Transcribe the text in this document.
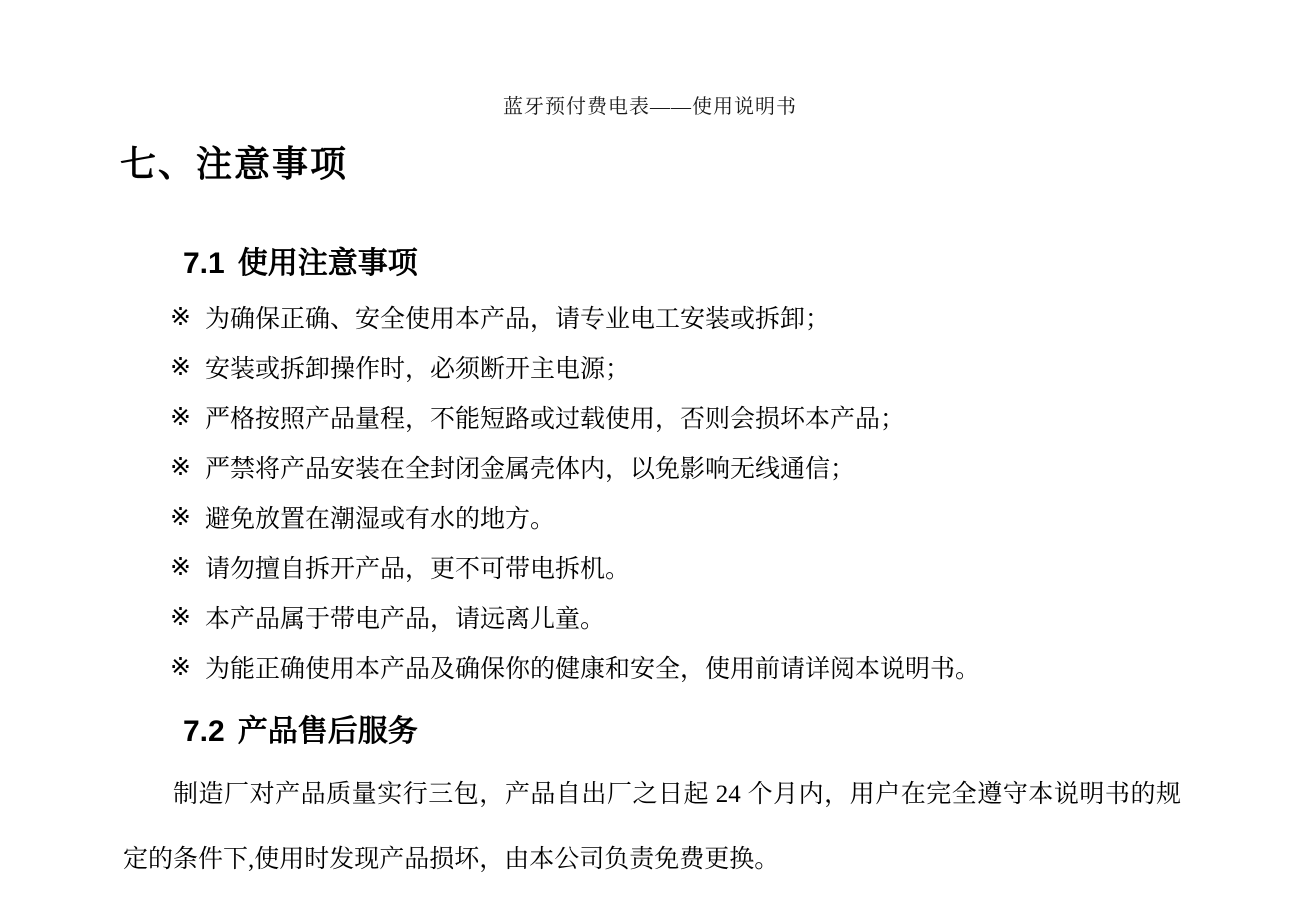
蓝牙预付费电表——使用说明书
七、注意事项
7.1 使用注意事项
※ 为确保正确、安全使用本产品，请专业电工安装或拆卸；
※ 安装或拆卸操作时，必须断开主电源；
※ 严格按照产品量程，不能短路或过载使用，否则会损坏本产品；
※ 严禁将产品安装在全封闭金属壳体内，以免影响无线通信；
※ 避免放置在潮湿或有水的地方。
※ 请勿擅自拆开产品，更不可带电拆机。
※ 本产品属于带电产品，请远离儿童。
※ 为能正确使用本产品及确保你的健康和安全，使用前请详阅本说明书。
7.2 产品售后服务

制造厂对产品质量实行三包，产品自出厂之日起 24 个月内，用户在完全遵守本说明书的规定的条件下,使用时发现产品损坏，由本公司负责免费更换。
